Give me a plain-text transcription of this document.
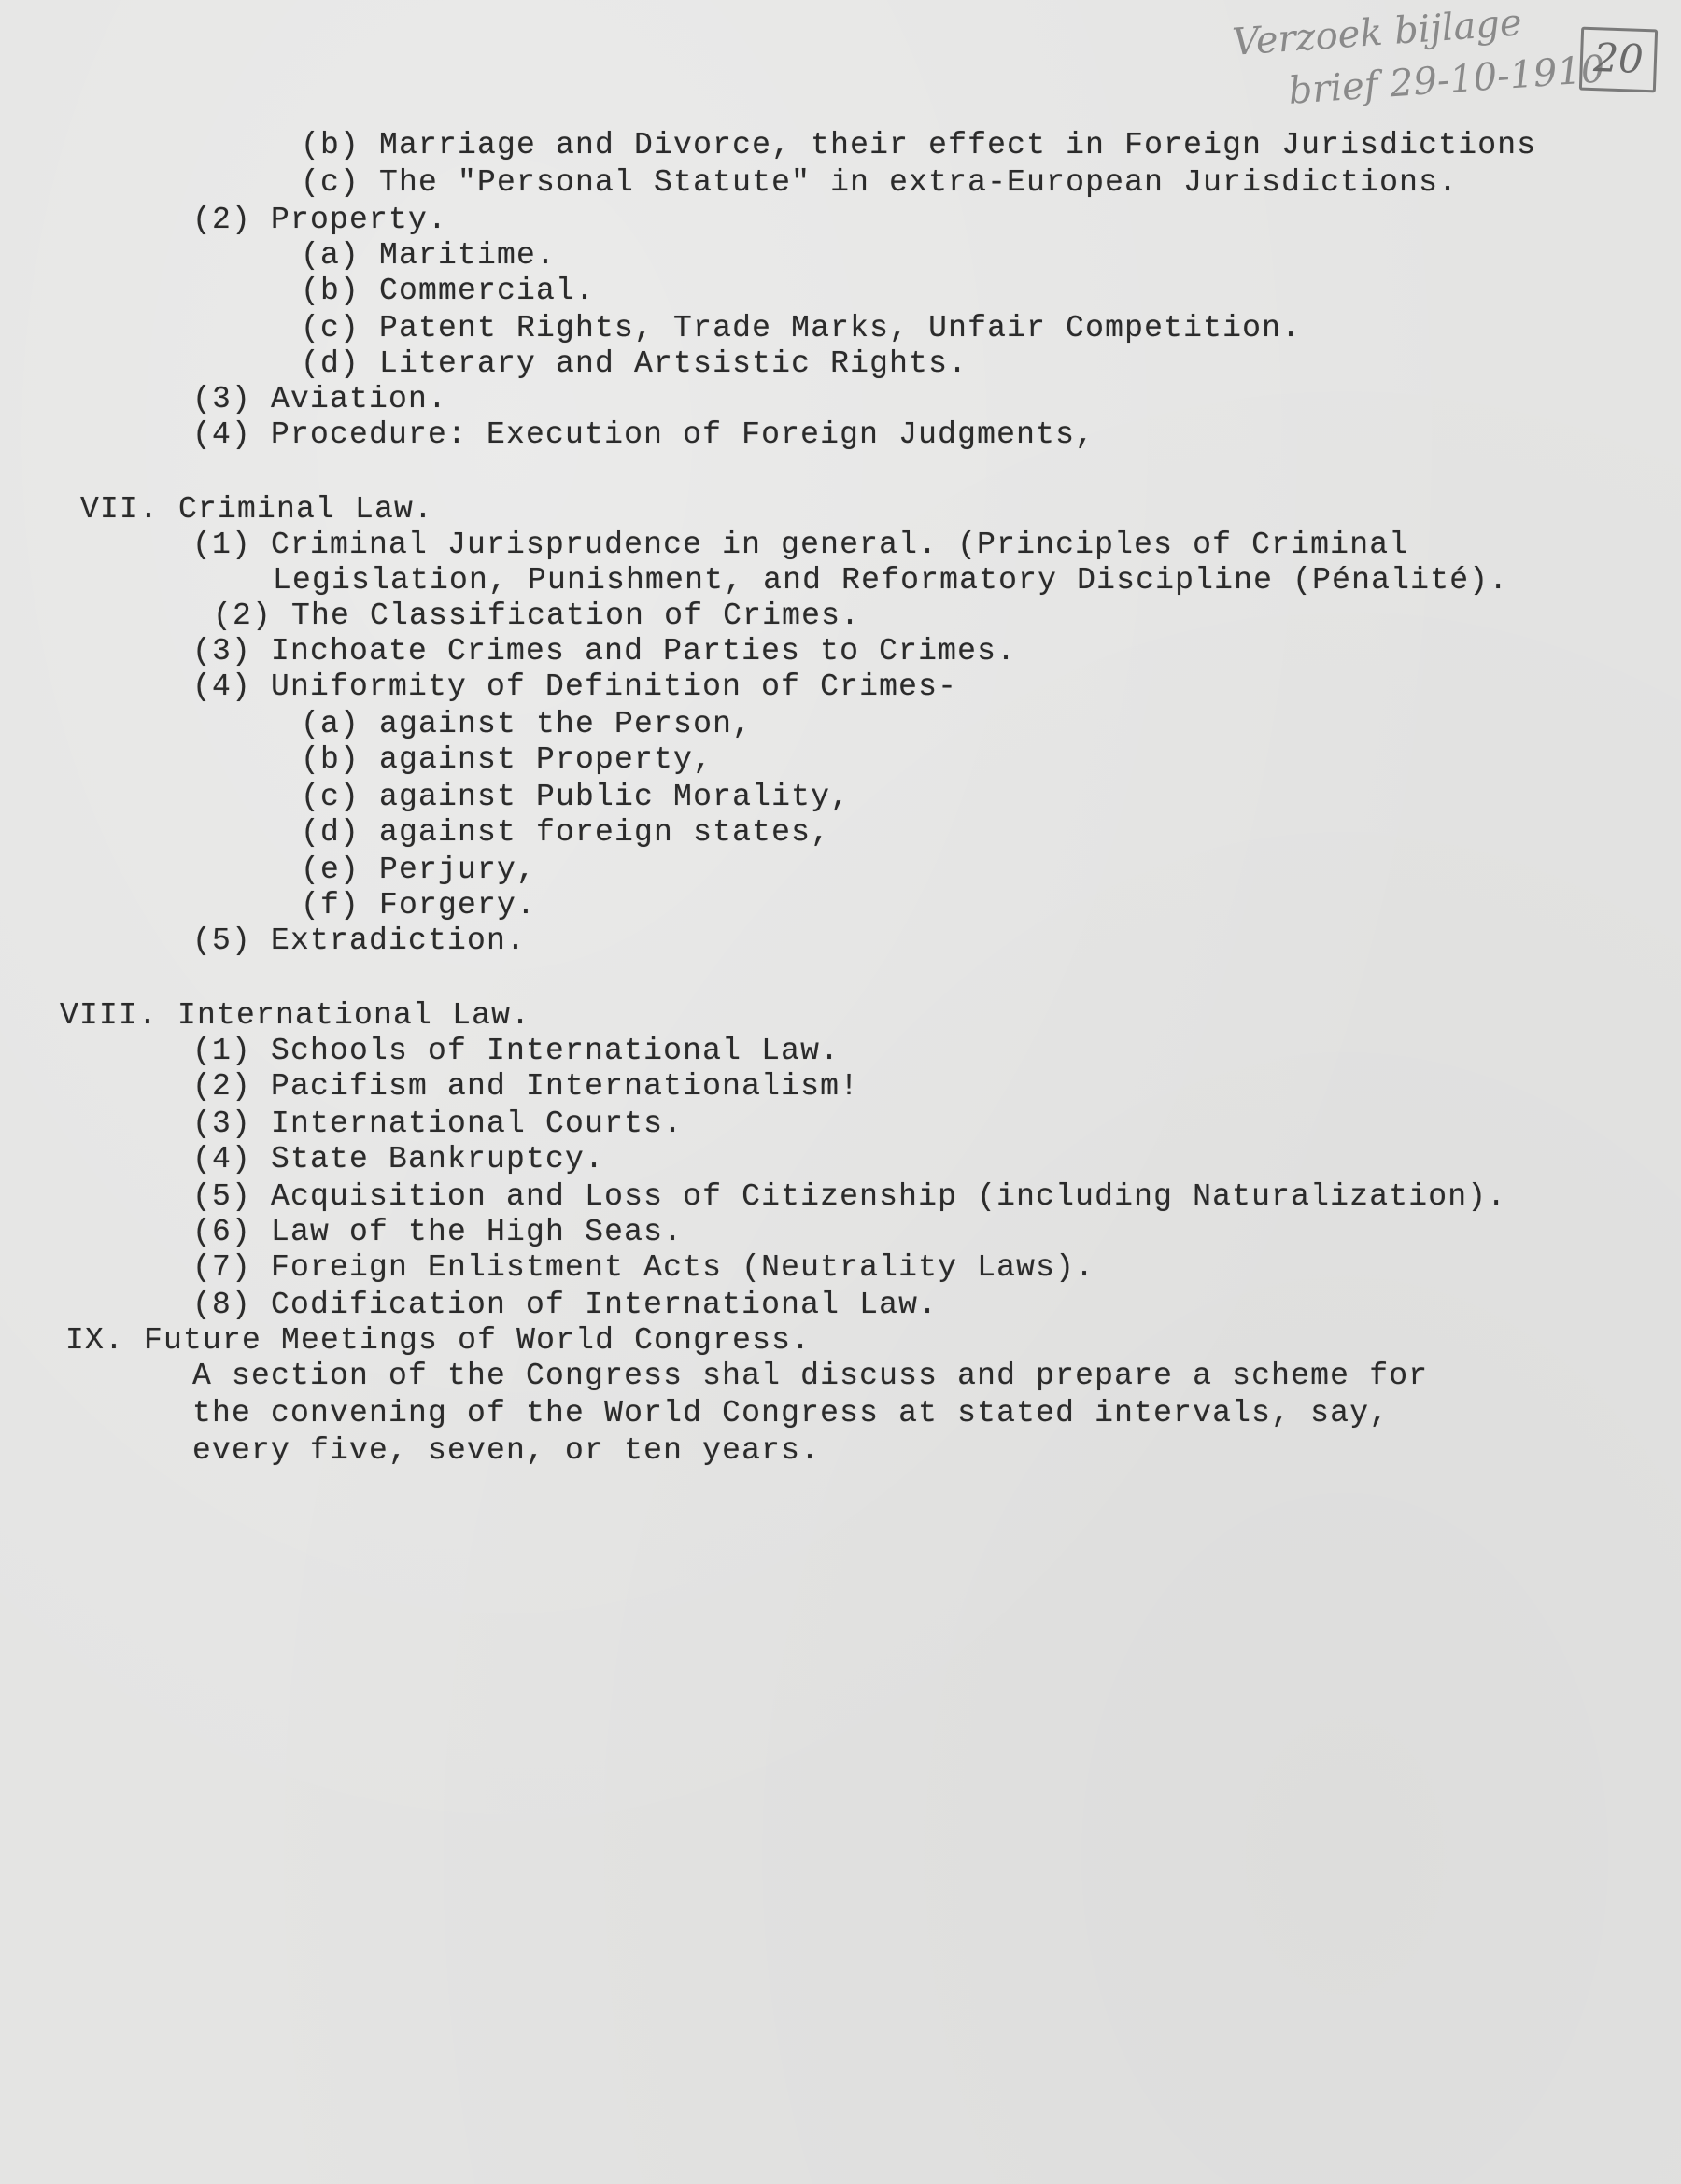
Verzoek bijlage
brief 29-10-1910
20
(b) Marriage and Divorce, their effect in Foreign Jurisdictions
(c) The "Personal Statute" in extra-European Jurisdictions.
(2) Property.
(a) Maritime.
(b) Commercial.
(c) Patent Rights, Trade Marks, Unfair Competition.
(d) Literary and Artsistic Rights.
(3) Aviation.
(4) Procedure: Execution of Foreign Judgments,
VII. Criminal Law.
(1) Criminal Jurisprudence in general. (Principles of Criminal
Legislation, Punishment, and Reformatory Discipline (Pénalité).
(2) The Classification of Crimes.
(3) Inchoate Crimes and Parties to Crimes.
(4) Uniformity of Definition of Crimes-
(a) against the Person,
(b) against Property,
(c) against Public Morality,
(d) against foreign states,
(e) Perjury,
(f) Forgery.
(5) Extradiction.
VIII. International Law.
(1) Schools of International Law.
(2) Pacifism and Internationalism!
(3) International Courts.
(4) State Bankruptcy.
(5) Acquisition and Loss of Citizenship (including Naturalization).
(6) Law of the High Seas.
(7) Foreign Enlistment Acts (Neutrality Laws).
(8) Codification of International Law.
IX. Future Meetings of World Congress.
A section of the Congress shal discuss and prepare a scheme for
the convening of the World Congress at stated intervals, say,
every five, seven, or ten years.
